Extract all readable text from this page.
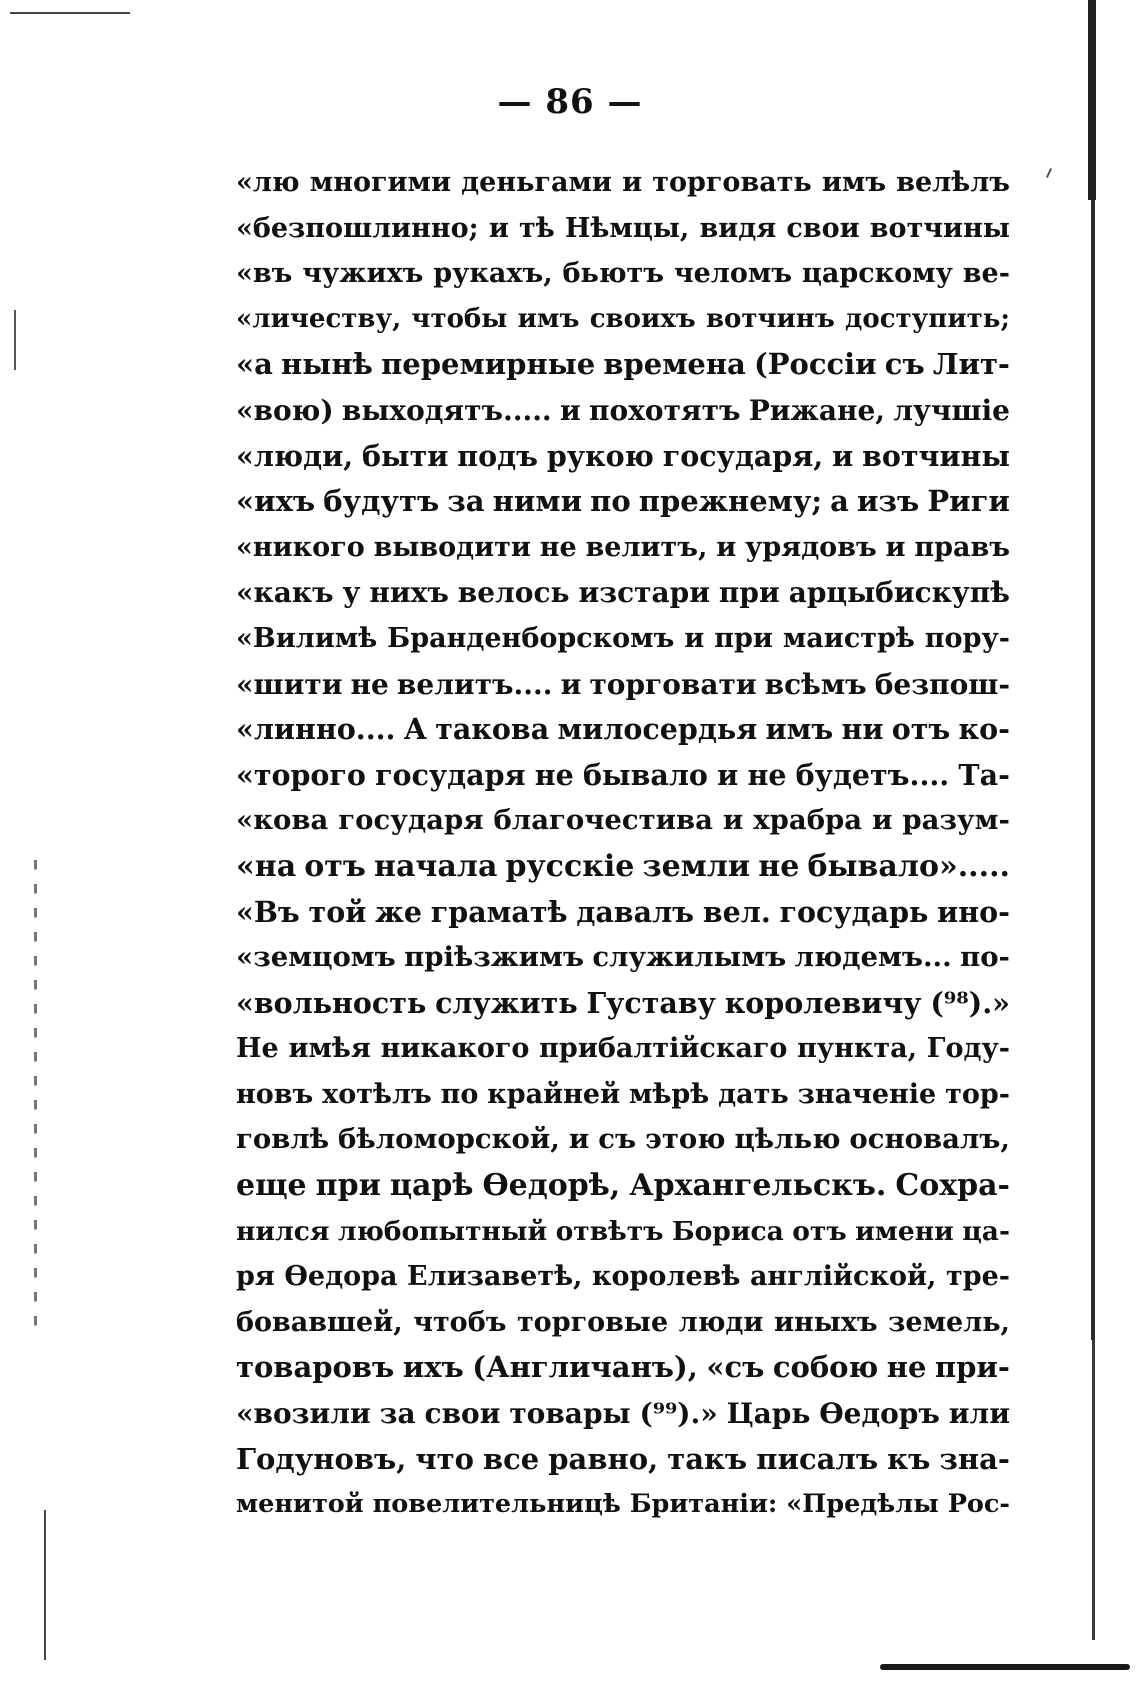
— 86 —
«лю многими деньгами и торговать имъ велѣлъ
«безпошлинно; и тѣ Нѣмцы, видя свои вотчины
«въ чужихъ рукахъ, бьютъ челомъ царскому ве-
«личеству, чтобы имъ своихъ вотчинъ доступить;
«а нынѣ перемирные времена (Россіи съ Лит-
«вою) выходятъ..... и похотятъ Рижане, лучшіе
«люди, быти подъ рукою государя, и вотчины
«ихъ будутъ за ними по прежнему; а изъ Риги
«никого выводити не велитъ, и урядовъ и правъ
«какъ у нихъ велось изстари при арцыбискупѣ
«Вилимѣ Бранденборскомъ и при маистрѣ пору-
«шити не велитъ.... и торговати всѣмъ безпош-
«линно.... А такова милосердья имъ ни отъ ко-
«торого государя не бывало и не будетъ.... Та-
«кова государя благочестива и храбра и разум-
«на отъ начала русскіе земли не бывало».....
«Въ той же граматѣ давалъ вел. государь ино-
«земцомъ пріѣзжимъ служилымъ людемъ... по-
«вольность служить Густаву королевичу (⁹⁸).»
Не имѣя никакого прибалтійскаго пункта, Году-
новъ хотѣлъ по крайней мѣрѣ дать значеніе тор-
говлѣ бѣломорской, и съ этою цѣлью основалъ,
еще при царѣ Ѳедорѣ, Архангельскъ. Сохра-
нился любопытный отвѣтъ Бориса отъ имени ца-
ря Ѳедора Елизаветѣ, королевѣ англійской, тре-
бовавшей, чтобъ торговые люди иныхъ земель,
товаровъ ихъ (Англичанъ), «съ собою не при-
«возили за свои товары (⁹⁹).» Царь Ѳедоръ или
Годуновъ, что все равно, такъ писалъ къ зна-
менитой повелительницѣ Британіи: «Предѣлы Рос-
